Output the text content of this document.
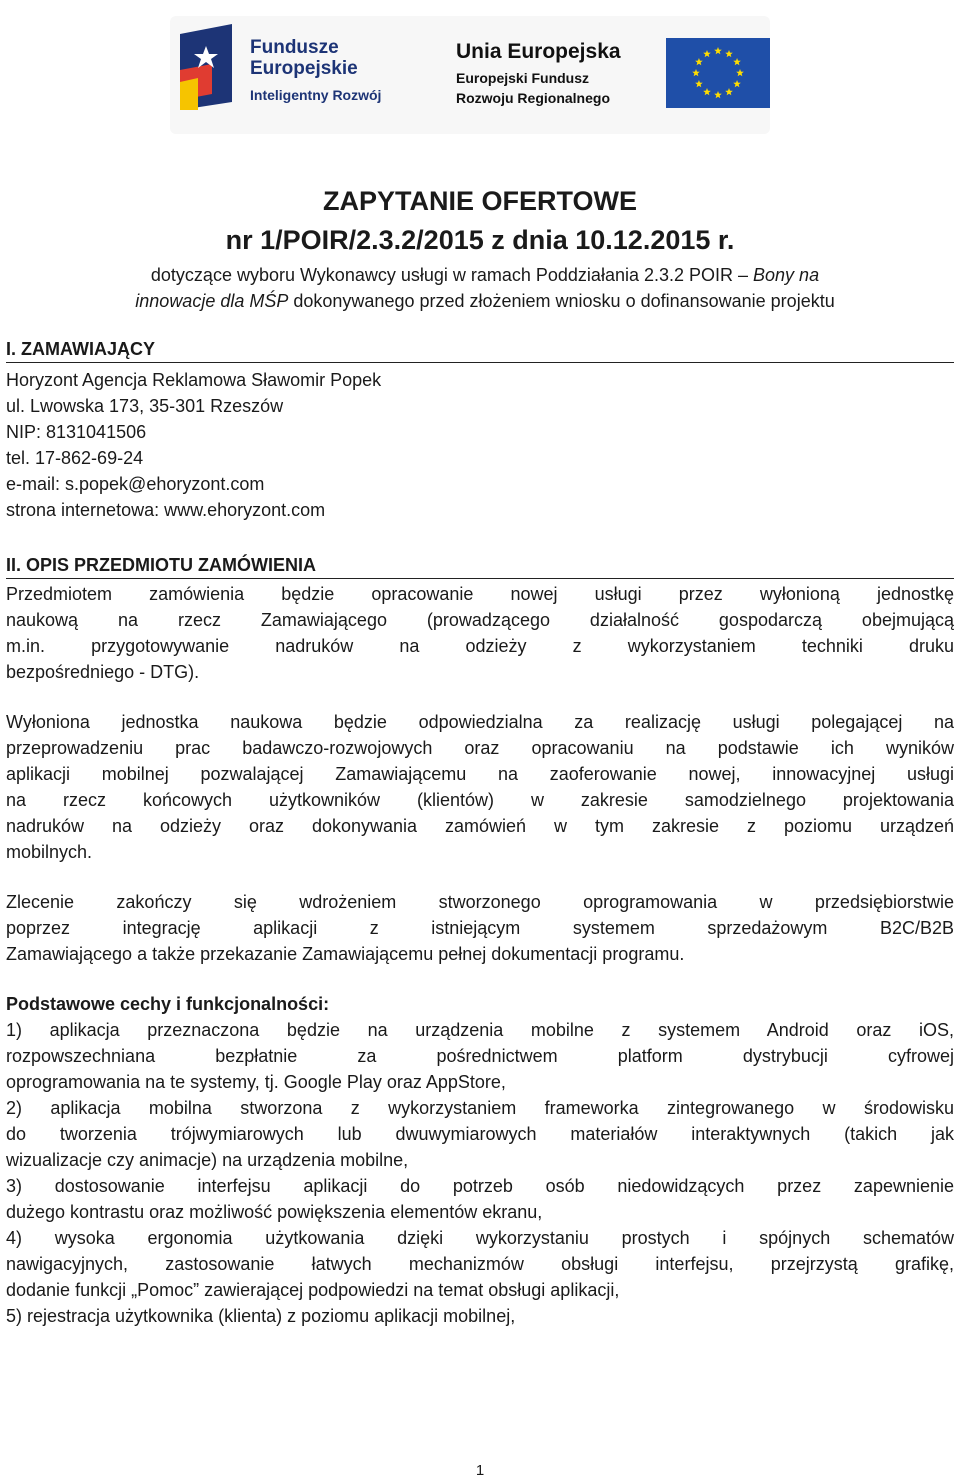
Fundusze
Europejskie
Inteligentny Rozwój
Unia Europejska
Europejski Fundusz
Rozwoju Regionalnego
ZAPYTANIE OFERTOWE
nr 1/POIR/2.3.2/2015 z dnia 10.12.2015 r.
dotyczące wyboru Wykonawcy usługi w ramach Poddziałania 2.3.2 POIR – Bony na
innowacje dla MŚP dokonywanego przed złożeniem wniosku o dofinansowanie projektu
I. ZAMAWIAJĄCY
Horyzont Agencja Reklamowa Sławomir Popek
ul. Lwowska 173, 35-301 Rzeszów
NIP: 8131041506
tel. 17-862-69-24
e-mail: s.popek@ehoryzont.com
strona internetowa: www.ehoryzont.com
II. OPIS PRZEDMIOTU ZAMÓWIENIA
Przedmiotem zamówienia będzie opracowanie nowej usługi przez wyłonioną jednostkę
naukową na rzecz Zamawiającego (prowadzącego działalność gospodarczą obejmującą
m.in. przygotowywanie nadruków na odzieży z wykorzystaniem techniki druku
bezpośredniego - DTG).
Wyłoniona jednostka naukowa będzie odpowiedzialna za realizację usługi polegającej na
przeprowadzeniu prac badawczo-rozwojowych oraz opracowaniu na podstawie ich wyników
aplikacji mobilnej pozwalającej Zamawiającemu na zaoferowanie nowej, innowacyjnej usługi
na rzecz końcowych użytkowników (klientów) w zakresie samodzielnego projektowania
nadruków na odzieży oraz dokonywania zamówień w tym zakresie z poziomu urządzeń
mobilnych.
Zlecenie zakończy się wdrożeniem stworzonego oprogramowania w przedsiębiorstwie
poprzez integrację aplikacji z istniejącym systemem sprzedażowym B2C/B2B
Zamawiającego a także przekazanie Zamawiającemu pełnej dokumentacji programu.
Podstawowe cechy i funkcjonalności:
1) aplikacja przeznaczona będzie na urządzenia mobilne z systemem Android oraz iOS,
rozpowszechniana bezpłatnie za pośrednictwem platform dystrybucji cyfrowej
oprogramowania na te systemy, tj. Google Play oraz AppStore,
2) aplikacja mobilna stworzona z wykorzystaniem frameworka zintegrowanego w środowisku
do tworzenia trójwymiarowych lub dwuwymiarowych materiałów interaktywnych (takich jak
wizualizacje czy animacje) na urządzenia mobilne,
3) dostosowanie interfejsu aplikacji do potrzeb osób niedowidzących przez zapewnienie
dużego kontrastu oraz możliwość powiększenia elementów ekranu,
4) wysoka ergonomia użytkowania dzięki wykorzystaniu prostych i spójnych schematów
nawigacyjnych, zastosowanie łatwych mechanizmów obsługi interfejsu, przejrzystą grafikę,
dodanie funkcji „Pomoc” zawierającej podpowiedzi na temat obsługi aplikacji,
5) rejestracja użytkownika (klienta) z poziomu aplikacji mobilnej,
1
